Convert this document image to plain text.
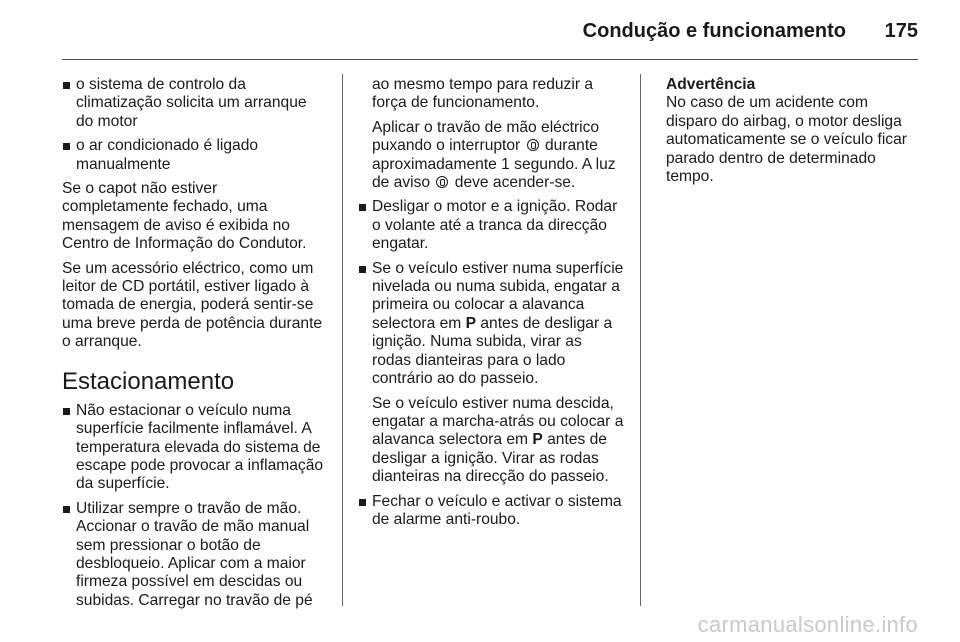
Condução e funcionamento 175
o sistema de controlo da climatização solicita um arranque do motor
o ar condicionado é ligado manualmente

Se o capot não estiver completamente fechado, uma mensagem de aviso é exibida no Centro de Informação do Condutor.

Se um acessório eléctrico, como um leitor de CD portátil, estiver ligado à tomada de energia, poderá sentir-se uma breve perda de potência durante o arranque.

Estacionamento
Não estacionar o veículo numa superfície facilmente inflamável. A temperatura elevada do sistema de escape pode provocar a inflamação da superfície.
Utilizar sempre o travão de mão. Accionar o travão de mão manual sem pressionar o botão de desbloqueio. Aplicar com a maior firmeza possível em descidas ou subidas. Carregar no travão de pé
ao mesmo tempo para reduzir a força de funcionamento.
Aplicar o travão de mão eléctrico puxando o interruptor durante aproximadamente 1 segundo. A luz de aviso deve acender-se.
Desligar o motor e a ignição. Rodar o volante até a tranca da direcção engatar.
Se o veículo estiver numa superfície nivelada ou numa subida, engatar a primeira ou colocar a alavanca selectora em P antes de desligar a ignição. Numa subida, virar as rodas dianteiras para o lado contrário ao do passeio.
Se o veículo estiver numa descida, engatar a marcha-atrás ou colocar a alavanca selectora em P antes de desligar a ignição. Virar as rodas dianteiras na direcção do passeio.
Fechar o veículo e activar o sistema de alarme anti-roubo.
Advertência
No caso de um acidente com disparo do airbag, o motor desliga automaticamente se o veículo ficar parado dentro de determinado tempo.
carmanualsonline.info
